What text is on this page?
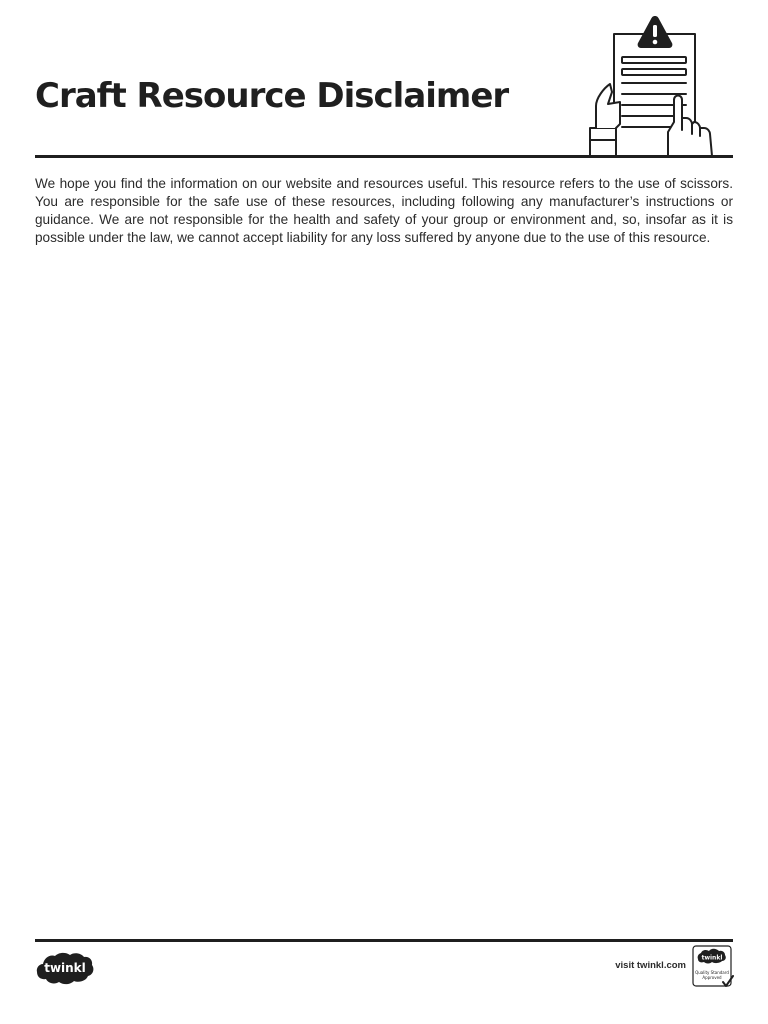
Craft Resource Disclaimer

We hope you find the information on our website and resources useful. This resource refers to the use of scissors. You are responsible for the safe use of these resources, including following any manufacturer’s instructions or guidance. We are not responsible for the health and safety of your group or environment and, so, insofar as it is possible under the law, we cannot accept liability for any loss suffered by anyone due to the use of this resource.

twinkl	visit twinkl.com
twinkl
Quality Standard
Approved
